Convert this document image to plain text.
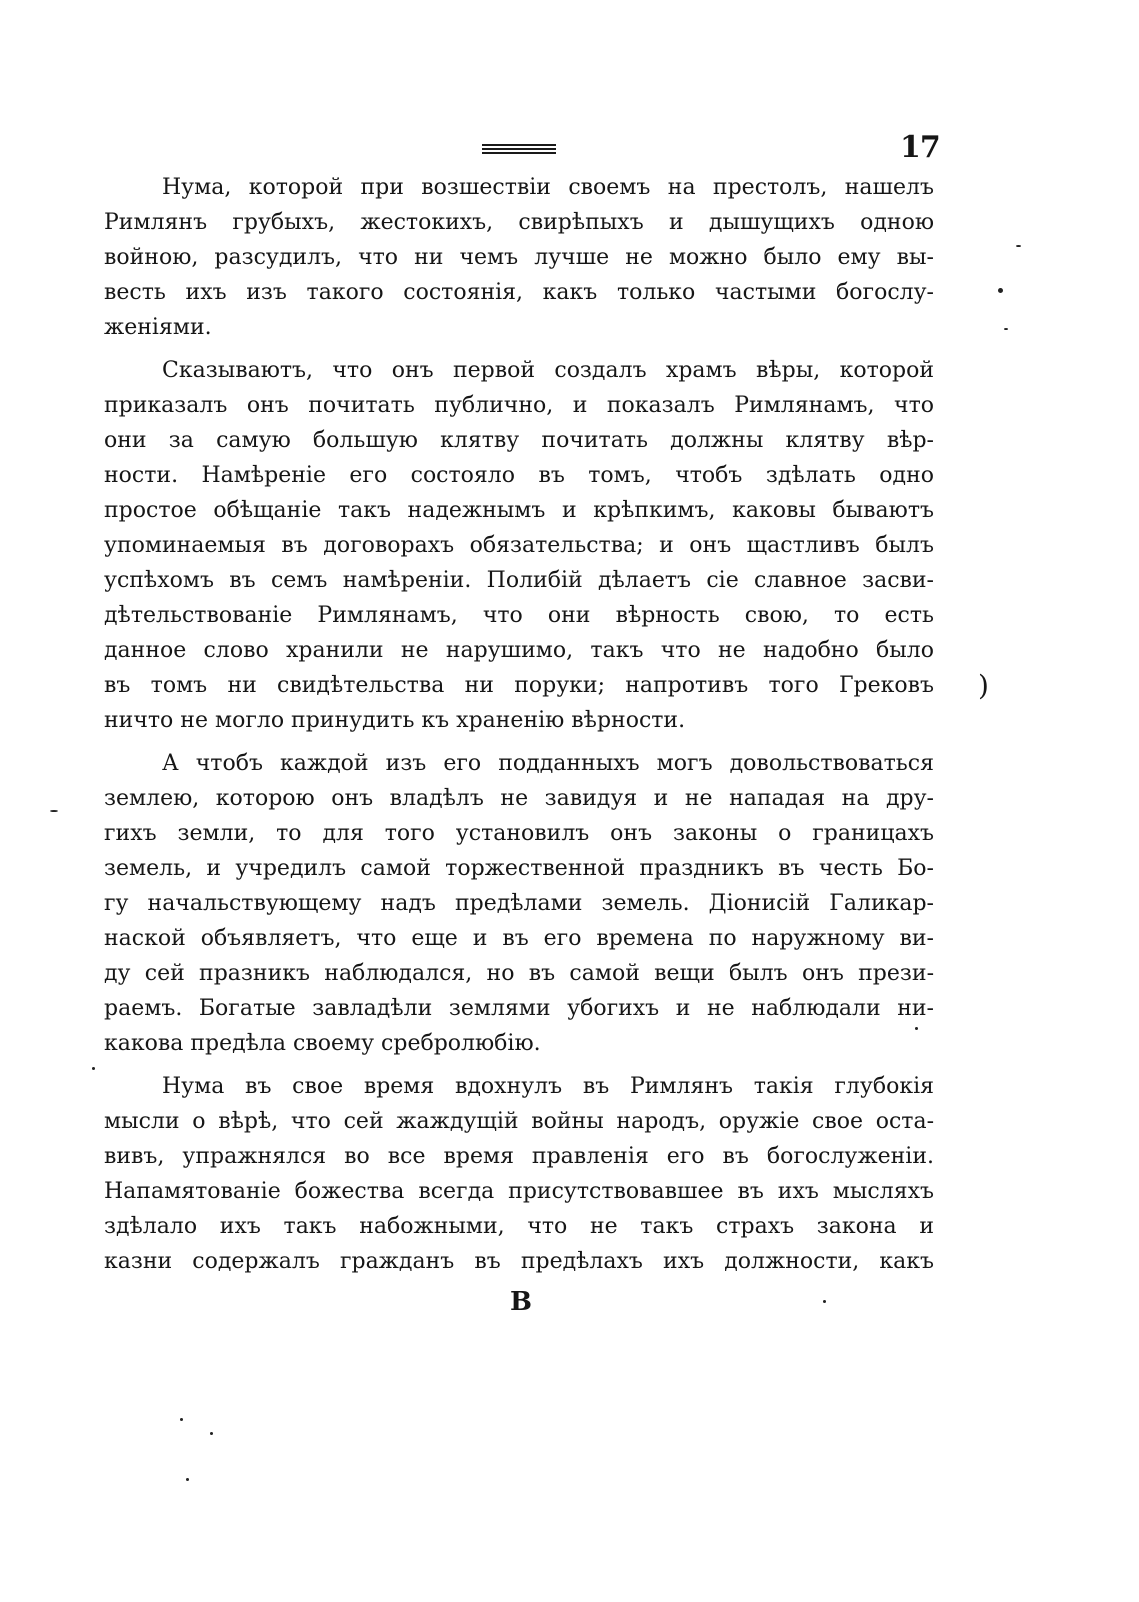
17
Нума, которой при возшествiи своемъ на престолъ, нашелъ
Римлянъ грубыхъ, жестокихъ, свирѣпыхъ и дышущихъ одною
войною, разсудилъ, что ни чемъ лучше не можно было ему вы-
весть ихъ изъ такого состоянiя, какъ только частыми богослу-
женiями.
Сказываютъ, что онъ первой создалъ храмъ вѣры, которой
приказалъ онъ почитать публично, и показалъ Римлянамъ, что
они за самую большую клятву почитать должны клятву вѣр-
ности. Намѣренiе его состояло въ томъ, чтобъ здѣлать одно
простое обѣщанiе такъ надежнымъ и крѣпкимъ, каковы бываютъ
упоминаемыя въ договорахъ обязательства; и онъ щастливъ былъ
успѣхомъ въ семъ намѣренiи. Полибiй дѣлаетъ сiе славное засви-
дѣтельствованiе Римлянамъ, что они вѣрность свою, то есть
данное слово хранили не нарушимо, такъ что не надобно было
въ томъ ни свидѣтельства ни поруки; напротивъ того Грековъ
ничто не могло принудить къ храненiю вѣрности.
А чтобъ каждой изъ его подданныхъ могъ довольствоваться
землею, которою онъ владѣлъ не завидуя и не нападая на дру-
гихъ земли, то для того установилъ онъ законы о границахъ
земель, и учредилъ самой торжественной праздникъ въ честь Бо-
гу начальствующему надъ предѣлами земель. Дiонисiй Галикар-
наской объявляетъ, что еще и въ его времена по наружному ви-
ду сей празникъ наблюдался, но въ самой вещи былъ онъ прези-
раемъ. Богатые завладѣли землями убогихъ и не наблюдали ни-
какова предѣла своему сребролюбiю.
Нума въ свое время вдохнулъ въ Римлянъ такiя глубокiя
мысли о вѣрѣ, что сей жаждущiй войны народъ, оружiе свое оста-
вивъ, упражнялся во все время правленiя его въ богослуженiи.
Напамятованiе божества всегда присутствовавшее въ ихъ мысляхъ
здѣлало ихъ такъ набожными, что не такъ страхъ закона и
казни содержалъ гражданъ въ предѣлахъ ихъ должности, какъ
В
)
